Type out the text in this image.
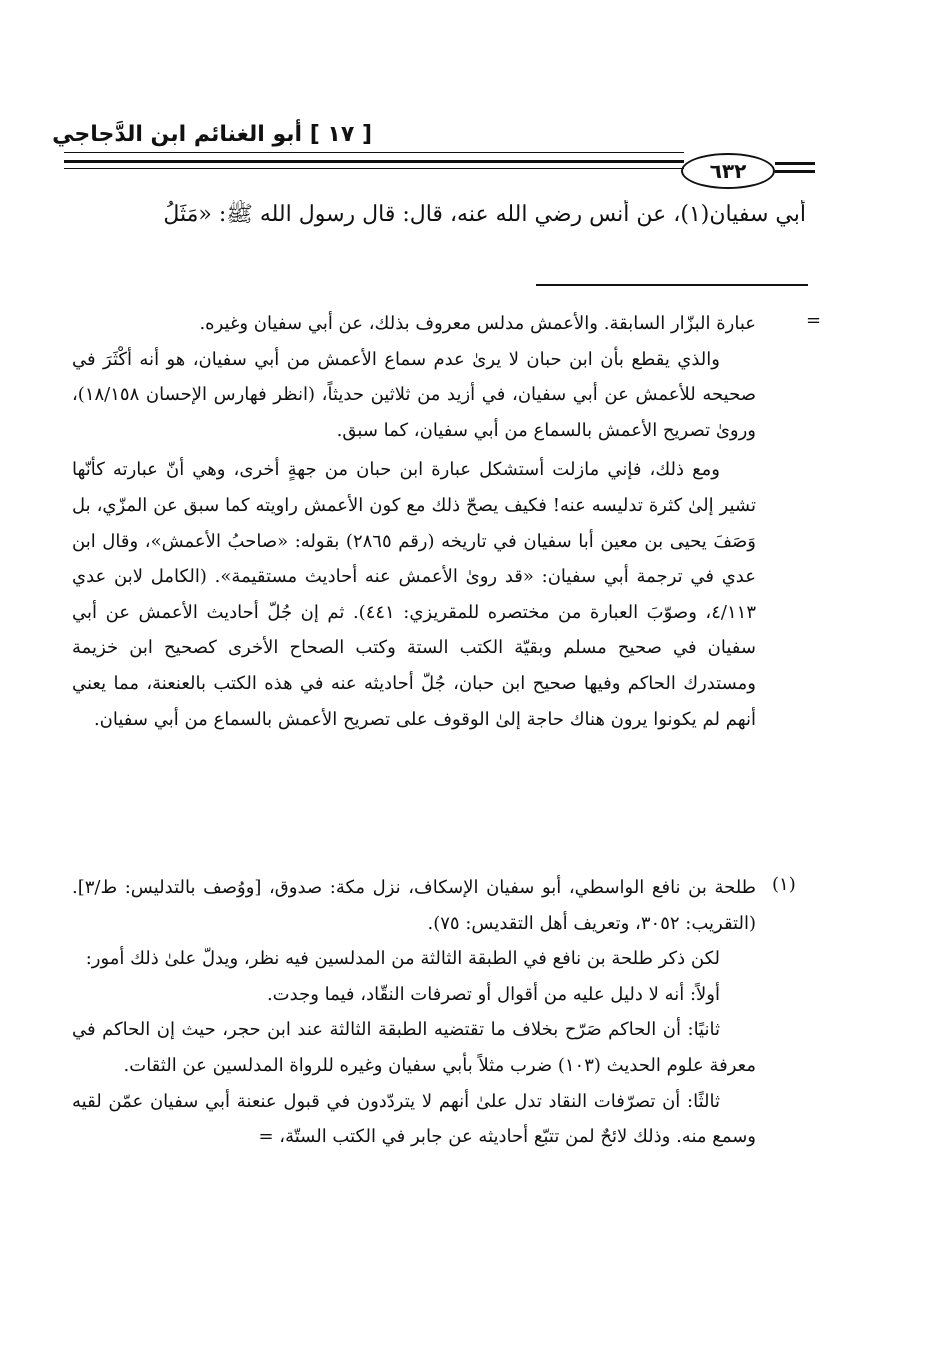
[ ١٧ ] أبو الغنائم ابن الدَّجاجي
٦٣٢
أبي سفيان(١)، عن أنس رضي الله عنه، قال: قال رسول الله ﷺ: «مَثَلُ
=

عبارة البزّار السابقة. والأعمش مدلس معروف بذلك، عن أبي سفيان وغيره.

والذي يقطع بأن ابن حبان لا يرىٰ عدم سماع الأعمش من أبي سفيان، هو أنه أكْثَرَ في صحيحه للأعمش عن أبي سفيان، في أزيد من ثلاثين حديثاً، (انظر فهارس الإحسان ١٨/١٥٨)، وروىٰ تصريح الأعمش بالسماع من أبي سفيان، كما سبق.

ومع ذلك، فإني مازلت أستشكل عبارة ابن حبان من جهةٍ أخرى، وهي أنّ عبارته كأنّها تشير إلىٰ كثرة تدليسه عنه! فكيف يصحّ ذلك مع كون الأعمش راويته كما سبق عن المزّي، بل وَصَفَ يحيى بن معين أبا سفيان في تاريخه (رقم ٢٨٦٥) بقوله: «صاحبُ الأعمش»، وقال ابن عدي في ترجمة أبي سفيان: «قد روىٰ الأعمش عنه أحاديث مستقيمة». (الكامل لابن عدي ٤/١١٣، وصوّبَ العبارة من مختصره للمقريزي: ٤٤١). ثم إن جُلّ أحاديث الأعمش عن أبي سفيان في صحيح مسلم وبقيّة الكتب الستة وكتب الصحاح الأخرى كصحيح ابن خزيمة ومستدرك الحاكم وفيها صحيح ابن حبان، جُلّ أحاديثه عنه في هذه الكتب بالعنعنة، مما يعني أنهم لم يكونوا يرون هناك حاجة إلىٰ الوقوف على تصريح الأعمش بالسماع من أبي سفيان.

(١)

طلحة بن نافع الواسطي، أبو سفيان الإسكاف، نزل مكة: صدوق، [ووُصف بالتدليس: ط/٣]. (التقريب: ٣٠٥٢، وتعريف أهل التقديس: ٧٥).

لكن ذكر طلحة بن نافع في الطبقة الثالثة من المدلسين فيه نظر، ويدلّ علىٰ ذلك أمور:

أولاً: أنه لا دليل عليه من أقوال أو تصرفات النقّاد، فيما وجدت.

ثانيًا: أن الحاكم صَرّح بخلاف ما تقتضيه الطبقة الثالثة عند ابن حجر، حيث إن الحاكم في معرفة علوم الحديث (١٠٣) ضرب مثلاً بأبي سفيان وغيره للرواة المدلسين عن الثقات.

ثالثًا: أن تصرّفات النقاد تدل علىٰ أنهم لا يتردّدون في قبول عنعنة أبي سفيان عمّن لقيه وسمع منه. وذلك لائحٌ لمن تتبّع أحاديثه عن جابر في الكتب الستّة، =
